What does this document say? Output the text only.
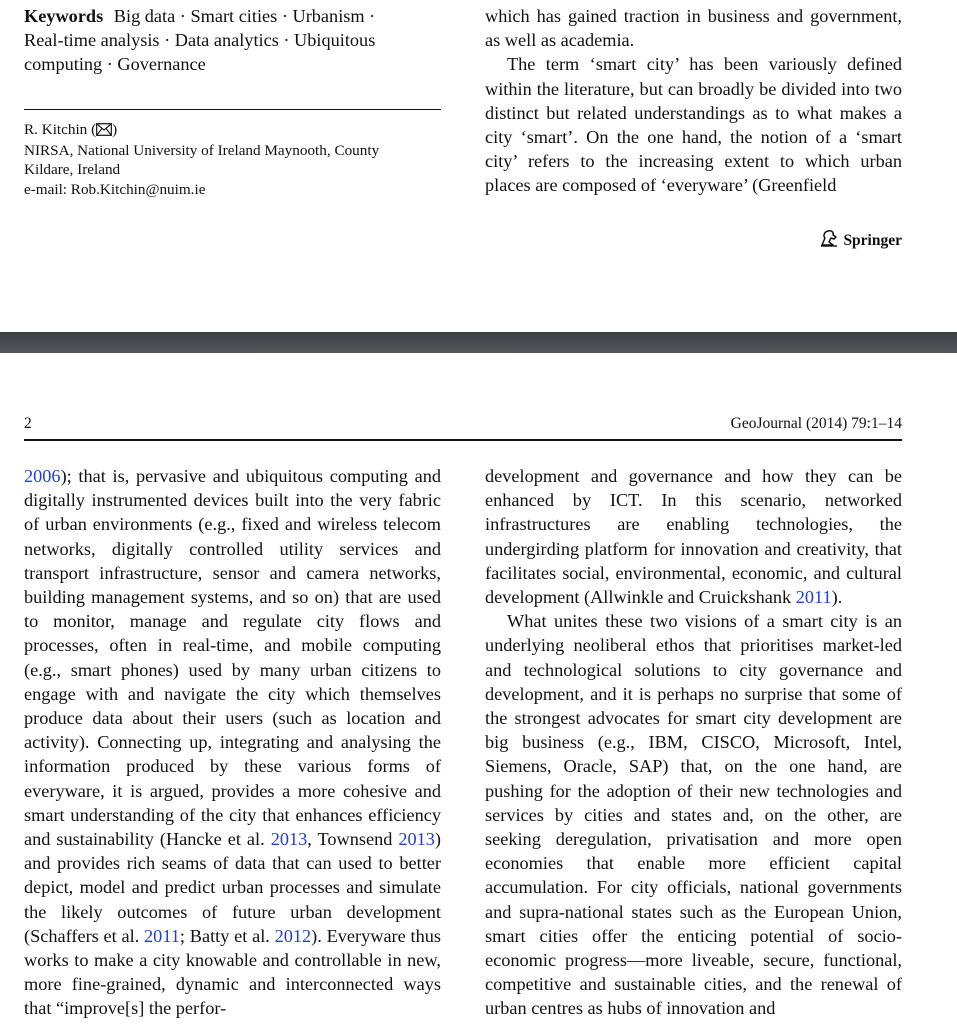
Keywords Big data · Smart cities · Urbanism ·
Real-time analysis · Data analytics · Ubiquitous
computing · Governance
R. Kitchin ( )
NIRSA, National University of Ireland Maynooth, County
Kildare, Ireland
e-mail: Rob.Kitchin@nuim.ie

which has gained traction in business and government, as well as academia.

The term ‘smart city’ has been variously defined within the literature, but can broadly be divided into two distinct but related understandings as to what makes a city ‘smart’. On the one hand, the notion of a ‘smart city’ refers to the increasing extent to which urban places are composed of ‘everyware’ (Greenfield

Springer
2	GeoJournal (2014) 79:1–14

2006); that is, pervasive and ubiquitous computing and digitally instrumented devices built into the very fabric of urban environments (e.g., fixed and wireless telecom networks, digitally controlled utility services and transport infrastructure, sensor and camera networks, building management systems, and so on) that are used to monitor, manage and regulate city flows and processes, often in real-time, and mobile computing (e.g., smart phones) used by many urban citizens to engage with and navigate the city which themselves produce data about their users (such as location and activity). Connecting up, integrating and analysing the information produced by these various forms of everyware, it is argued, provides a more cohesive and smart understanding of the city that enhances efficiency and sustainability (Hancke et al. 2013, Townsend 2013) and provides rich seams of data that can used to better depict, model and predict urban processes and simulate the likely outcomes of future urban development (Schaffers et al. 2011; Batty et al. 2012). Everyware thus works to make a city knowable and controllable in new, more fine-grained, dynamic and interconnected ways that “improve[s] the perfor-

development and governance and how they can be enhanced by ICT. In this scenario, networked infrastructures are enabling technologies, the undergirding platform for innovation and creativity, that facilitates social, environmental, economic, and cultural development (Allwinkle and Cruickshank 2011).

What unites these two visions of a smart city is an underlying neoliberal ethos that prioritises market-led and technological solutions to city governance and development, and it is perhaps no surprise that some of the strongest advocates for smart city development are big business (e.g., IBM, CISCO, Microsoft, Intel, Siemens, Oracle, SAP) that, on the one hand, are pushing for the adoption of their new technologies and services by cities and states and, on the other, are seeking deregulation, privatisation and more open economies that enable more efficient capital accumulation. For city officials, national governments and supra-national states such as the European Union, smart cities offer the enticing potential of socio-economic progress—more liveable, secure, functional, competitive and sustainable cities, and the renewal of urban centres as hubs of innovation and
